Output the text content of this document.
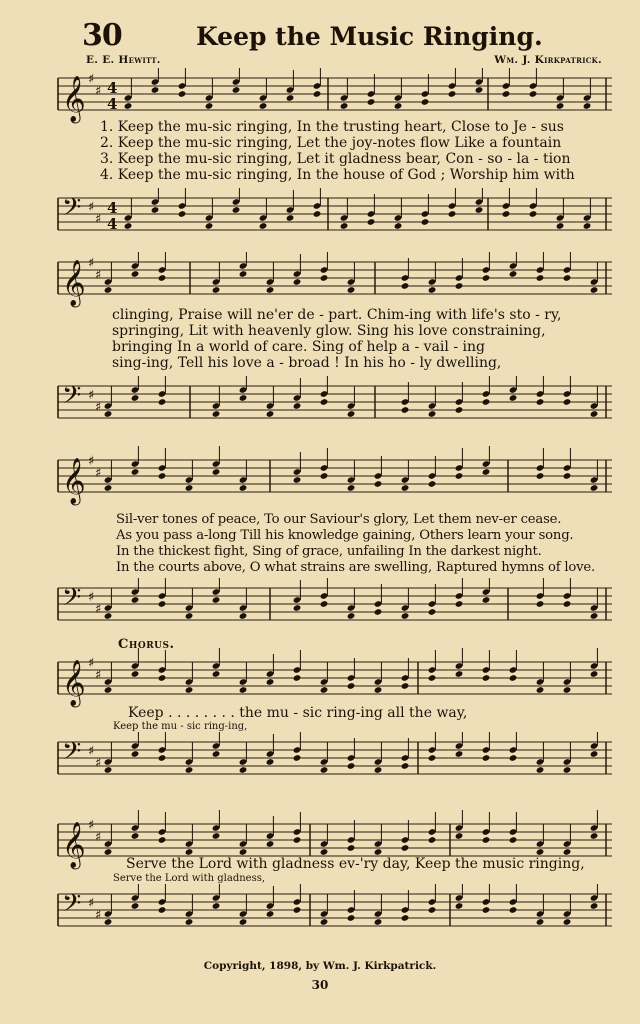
30	Keep the Music Ringing.
E. E. Hewitt.	Wm. J. Kirkpatrick.
𝄞 ♯
♯ 4
4
1. Keep the mu-sic ringing, In the trusting heart, Close to Je - sus
2. Keep the mu-sic ringing, Let the joy-notes flow Like a fountain
3. Keep the mu-sic ringing, Let it gladness bear, Con - so - la - tion
4. Keep the mu-sic ringing, In the house of God ; Worship him with
𝄢 ♯
♯
4
4
𝄞 ♯
♯
clinging, Praise will ne'er de - part. Chim-ing with life's sto - ry,
springing, Lit with heavenly glow. Sing his love constraining,
bringing In a world of care. Sing of help a - vail - ing
sing-ing, Tell his love a - broad ! In his ho - ly dwelling,
𝄢 ♯
♯
𝄞 ♯
♯
Sil-ver tones of peace, To our Saviour's glory, Let them nev-er cease.
As you pass a-long Till his knowledge gaining, Others learn your song.
In the thickest fight, Sing of grace, unfailing In the darkest night.
In the courts above, O what strains are swelling, Raptured hymns of love.
𝄢 ♯
♯
Chorus.
𝄞 ♯
♯
Keep . . . . . . . . the mu - sic ring-ing all the way,
Keep the mu - sic ring-ing,
𝄢 ♯
♯
𝄞 ♯
♯
Serve the Lord with gladness ev-'ry day, Keep the music ringing,
Serve the Lord with gladness,
𝄢 ♯
♯
Copyright, 1898, by Wm. J. Kirkpatrick.
30
